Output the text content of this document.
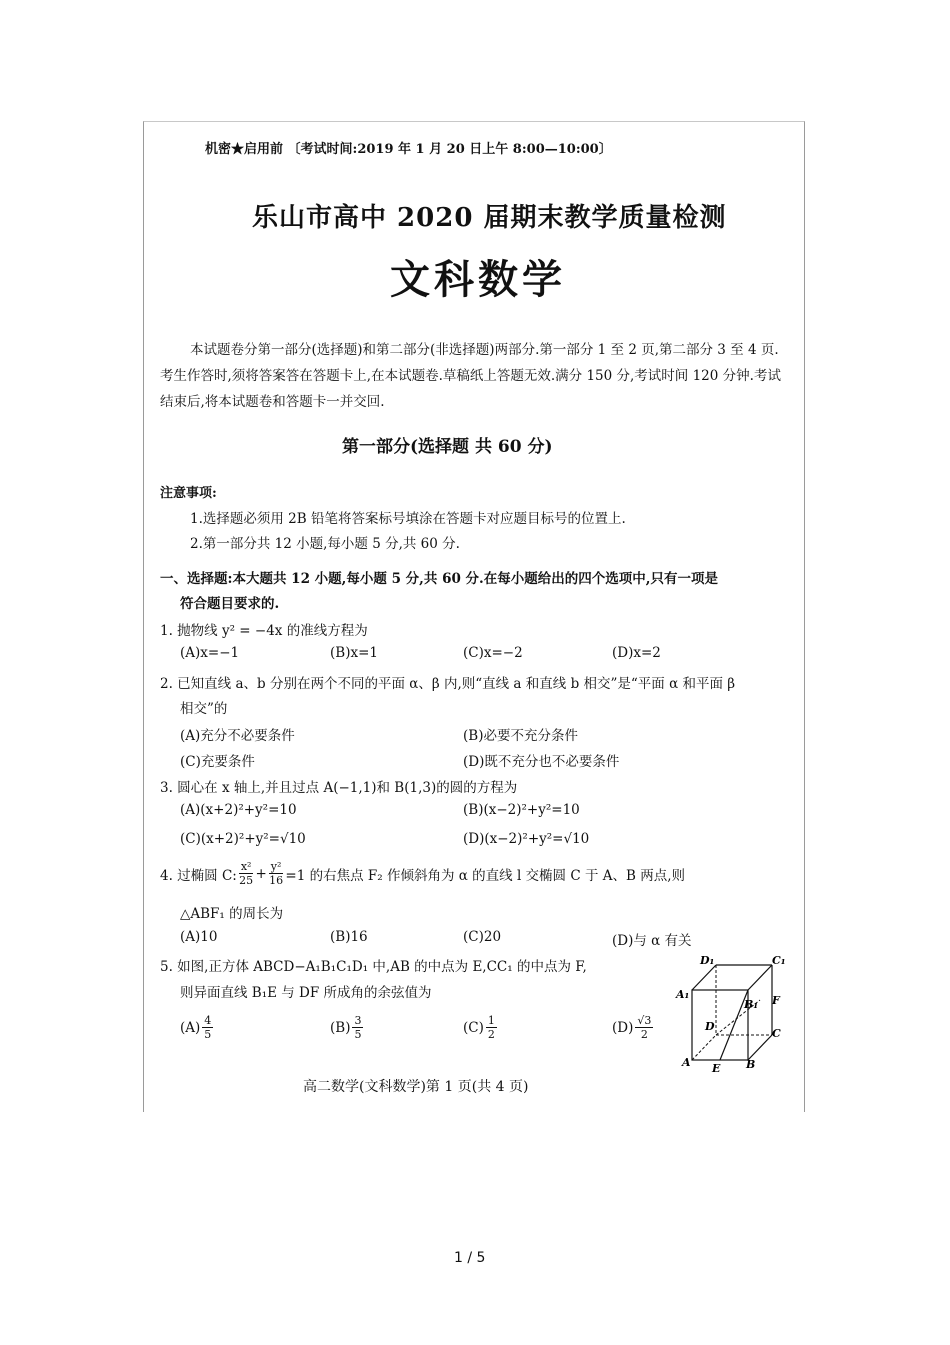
机密★启用前 〔考试时间:2019 年 1 月 20 日上午 8:00—10:00〕
乐山市高中 2020 届期末教学质量检测
文科数学
本试题卷分第一部分(选择题)和第二部分(非选择题)两部分.第一部分 1 至 2 页,第二部分 3 至 4 页.考生作答时,须将答案答在答题卡上,在本试题卷.草稿纸上答题无效.满分 150 分,考试时间 120 分钟.考试结束后,将本试题卷和答题卡一并交回.
第一部分(选择题 共 60 分)
注意事项:
1.选择题必须用 2B 铅笔将答案标号填涂在答题卡对应题目标号的位置上.
2.第一部分共 12 小题,每小题 5 分,共 60 分.
一、选择题:本大题共 12 小题,每小题 5 分,共 60 分.在每小题给出的四个选项中,只有一项是
符合题目要求的.
1. 抛物线 y² = −4x 的准线方程为
(A)x=−1	(B)x=1	(C)x=−2	(D)x=2
2. 已知直线 a、b 分别在两个不同的平面 α、β 内,则“直线 a 和直线 b 相交”是“平面 α 和平面 β
相交”的
(A)充分不必要条件	(B)必要不充分条件
(C)充要条件	(D)既不充分也不必要条件
3. 圆心在 x 轴上,并且过点 A(−1,1)和 B(1,3)的圆的方程为
(A)(x+2)²+y²=10	(B)(x−2)²+y²=10
(C)(x+2)²+y²=√10	(D)(x−2)²+y²=√10
4. 过椭圆 C: $\frac{\text{x²}}{25} + \frac{\text{y²}}{16} =1$ 的右焦点 F₂ 作倾斜角为 α 的直线 l 交椭圆 C 于 A、B 两点,则
△ABF₁ 的周长为
(A)10	(B)16	(C)20	(D)与 α 有关
5. 如图,正方体 ABCD−A₁B₁C₁D₁ 中,AB 的中点为 E,CC₁ 的中点为 F,
则异面直线 B₁E 与 DF 所成角的余弦值为
$(A) \frac{4}{5}$	$(B) \frac{3}{5}$	$(C) \frac{1}{2}$	$(D) \frac{√3}{2}$
D₁	C₁
A₁
B₁ F
D
C
A E B
高二数学(文科数学)第 1 页(共 4 页)
1 / 5
